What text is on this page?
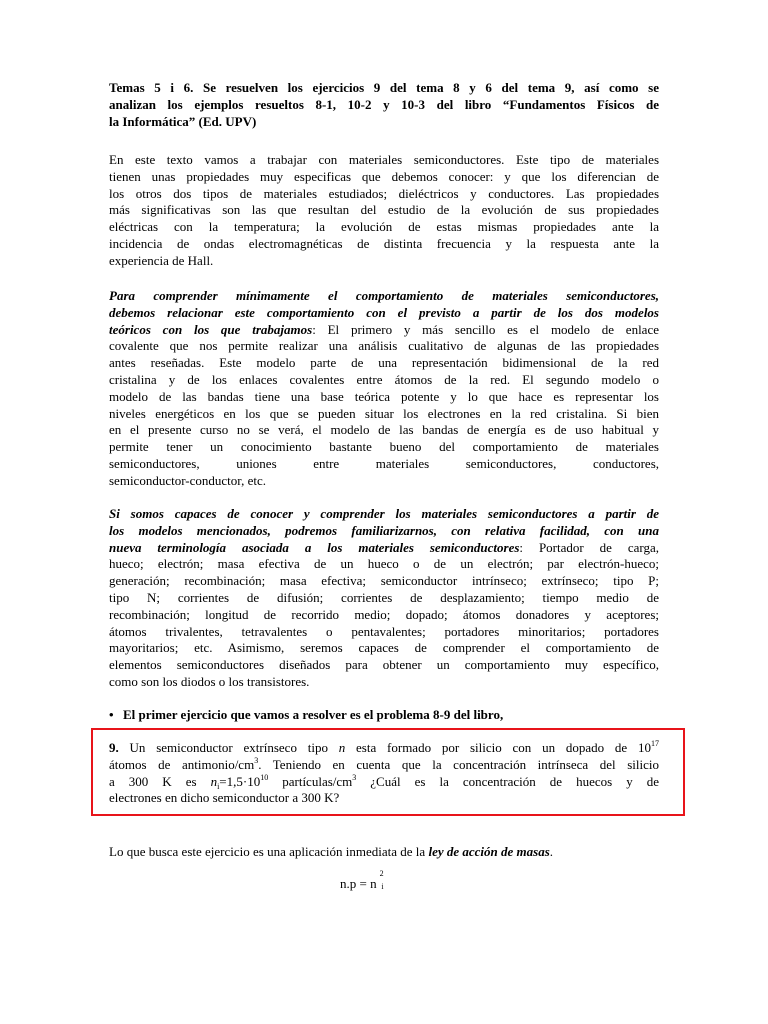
Temas 5 i 6. Se resuelven los ejercicios 9 del tema 8 y 6 del tema 9, así como se
analizan los ejemplos resueltos 8-1, 10-2 y 10-3 del libro “Fundamentos Físicos de
la Informática” (Ed. UPV)
En este texto vamos a trabajar con materiales semiconductores. Este tipo de materiales
tienen unas propiedades muy especificas que debemos conocer: y que los diferencian de
los otros dos tipos de materiales estudiados; dieléctricos y conductores. Las propiedades
más significativas son las que resultan del estudio de la evolución de sus propiedades
eléctricas con la temperatura; la evolución de estas mismas propiedades ante la
incidencia de ondas electromagnéticas de distinta frecuencia y la respuesta ante la
experiencia de Hall.
Para comprender mínimamente el comportamiento de materiales semiconductores,
debemos relacionar este comportamiento con el previsto a partir de los dos modelos
teóricos con los que trabajamos: El primero y más sencillo es el modelo de enlace
covalente que nos permite realizar una análisis cualitativo de algunas de las propiedades
antes reseñadas. Este modelo parte de una representación bidimensional de la red
cristalina y de los enlaces covalentes entre átomos de la red. El segundo modelo o
modelo de las bandas tiene una base teórica potente y lo que hace es representar los
niveles energéticos en los que se pueden situar los electrones en la red cristalina. Si bien
en el presente curso no se verá, el modelo de las bandas de energía es de uso habitual y
permite tener un conocimiento bastante bueno del comportamiento de materiales
semiconductores, uniones entre materiales semiconductores, conductores,
semiconductor-conductor, etc.
Si somos capaces de conocer y comprender los materiales semiconductores a partir de
los modelos mencionados, podremos familiarizarnos, con relativa facilidad, con una
nueva terminología asociada a los materiales semiconductores: Portador de carga,
hueco; electrón; masa efectiva de un hueco o de un electrón; par electrón-hueco;
generación; recombinación; masa efectiva; semiconductor intrínseco; extrínseco; tipo P;
tipo N; corrientes de difusión; corrientes de desplazamiento; tiempo medio de
recombinación; longitud de recorrido medio; dopado; átomos donadores y aceptores;
átomos trivalentes, tetravalentes o pentavalentes; portadores minoritarios; portadores
mayoritarios; etc. Asimismo, seremos capaces de comprender el comportamiento de
elementos semiconductores diseñados para obtener un comportamiento muy específico,
como son los diodos o los transistores.
• El primer ejercicio que vamos a resolver es el problema 8-9 del libro,
9. Un semiconductor extrínseco tipo n esta formado por silicio con un dopado de $10^{17}$
átomos de antimonio/$cm^3$. Teniendo en cuenta que la concentración intrínseca del silicio
a 300 K es $n_i=1,5\cdot 10^{10}$ partículas/$cm^3$ ¿Cuál es la concentración de huecos y de
electrones en dicho semiconductor a 300 K?
Lo que busca este ejercicio es una aplicación inmediata de la ley de acción de masas.
n.p = n
2
i
